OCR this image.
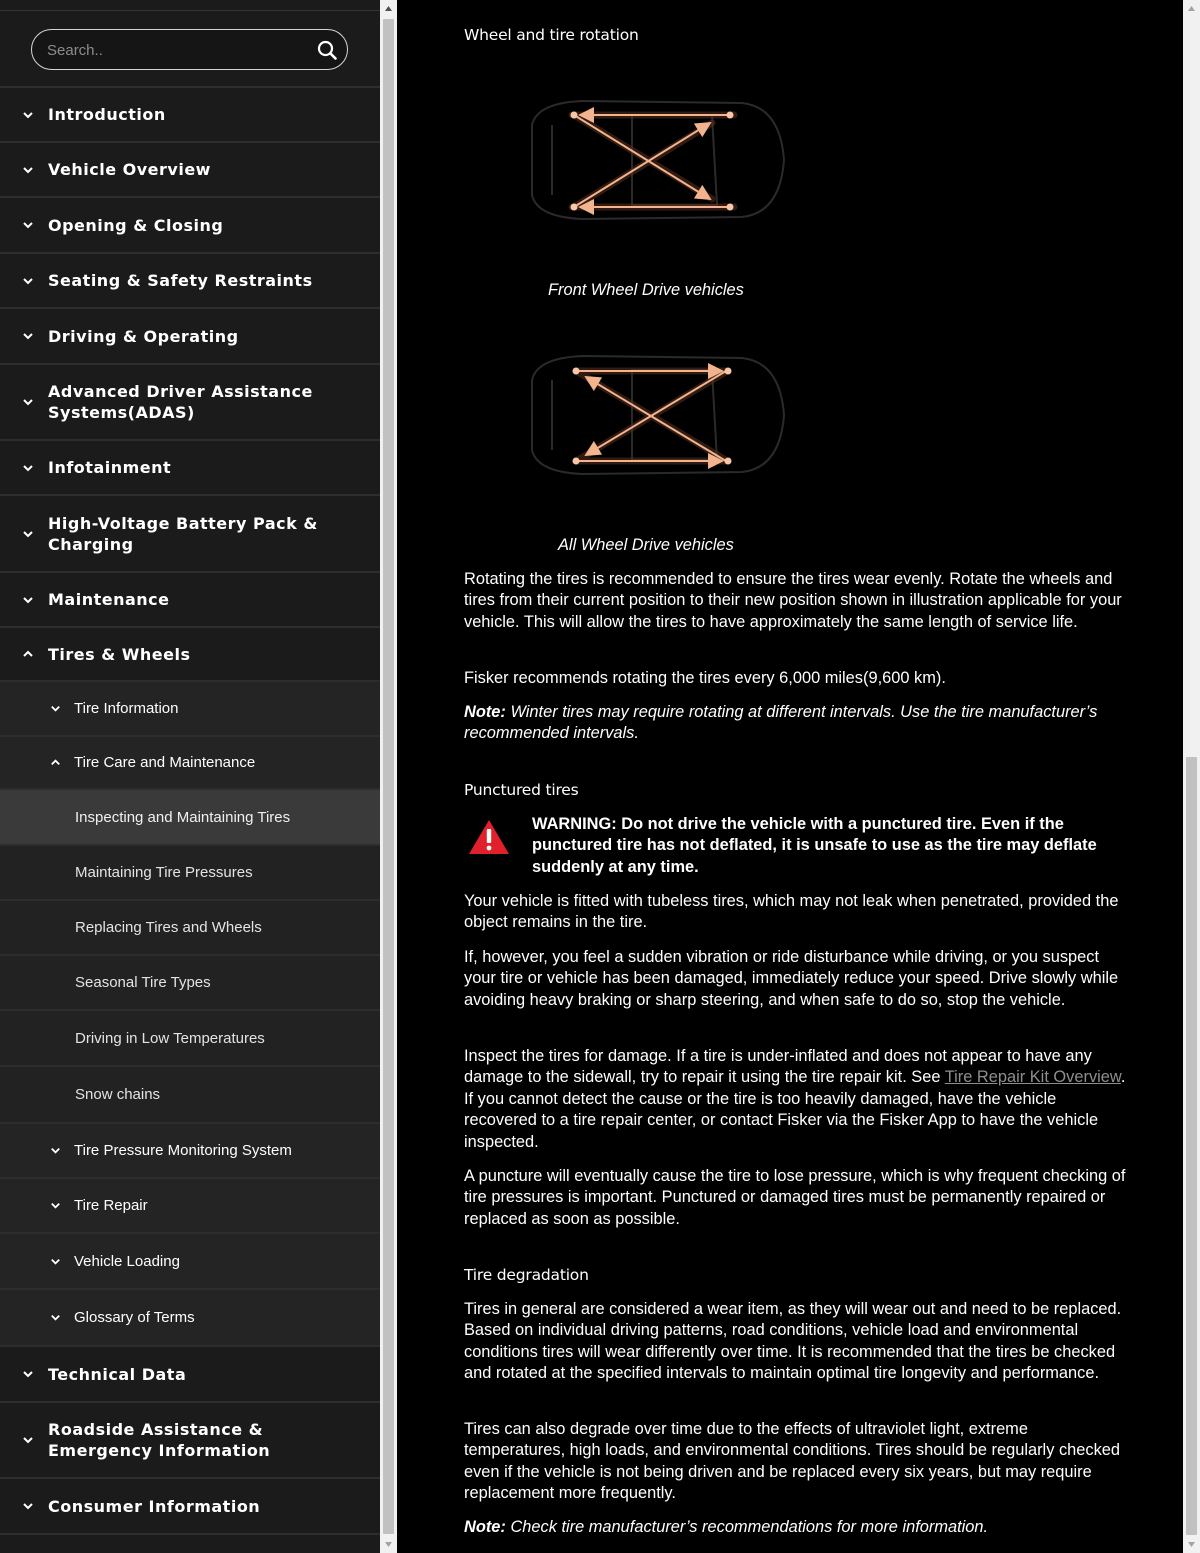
Search..
Introduction
Vehicle Overview
Opening & Closing
Seating & Safety Restraints
Driving & Operating
Advanced Driver Assistance Systems(ADAS)
Infotainment
High-Voltage Battery Pack & Charging
Maintenance
Tires & Wheels
Tire Information
Tire Care and Maintenance
Inspecting and Maintaining Tires
Maintaining Tire Pressures
Replacing Tires and Wheels
Seasonal Tire Types
Driving in Low Temperatures
Snow chains
Tire Pressure Monitoring System
Tire Repair
Vehicle Loading
Glossary of Terms
Technical Data
Roadside Assistance & Emergency Information
Consumer Information
Wheel and tire rotation
Front Wheel Drive vehicles
All Wheel Drive vehicles
Rotating the tires is recommended to ensure the tires wear evenly. Rotate the wheels and tires from their current position to their new position shown in illustration applicable for your vehicle. This will allow the tires to have approximately the same length of service life.
Fisker recommends rotating the tires every 6,000 miles(9,600 km).
Note: Winter tires may require rotating at different intervals. Use the tire manufacturer’s recommended intervals.
Punctured tires
WARNING: Do not drive the vehicle with a punctured tire. Even if the punctured tire has not deflated, it is unsafe to use as the tire may deflate suddenly at any time.
Your vehicle is fitted with tubeless tires, which may not leak when penetrated, provided the object remains in the tire.
If, however, you feel a sudden vibration or ride disturbance while driving, or you suspect your tire or vehicle has been damaged, immediately reduce your speed. Drive slowly while avoiding heavy braking or sharp steering, and when safe to do so, stop the vehicle.
Inspect the tires for damage. If a tire is under-inflated and does not appear to have any damage to the sidewall, try to repair it using the tire repair kit. See Tire Repair Kit Overview. If you cannot detect the cause or the tire is too heavily damaged, have the vehicle recovered to a tire repair center, or contact Fisker via the Fisker App to have the vehicle inspected.
A puncture will eventually cause the tire to lose pressure, which is why frequent checking of tire pressures is important. Punctured or damaged tires must be permanently repaired or replaced as soon as possible.
Tire degradation
Tires in general are considered a wear item, as they will wear out and need to be replaced. Based on individual driving patterns, road conditions, vehicle load and environmental conditions tires will wear differently over time. It is recommended that the tires be checked and rotated at the specified intervals to maintain optimal tire longevity and performance.
Tires can also degrade over time due to the effects of ultraviolet light, extreme temperatures, high loads, and environmental conditions. Tires should be regularly checked even if the vehicle is not being driven and be replaced every six years, but may require replacement more frequently.
Note: Check tire manufacturer’s recommendations for more information.
